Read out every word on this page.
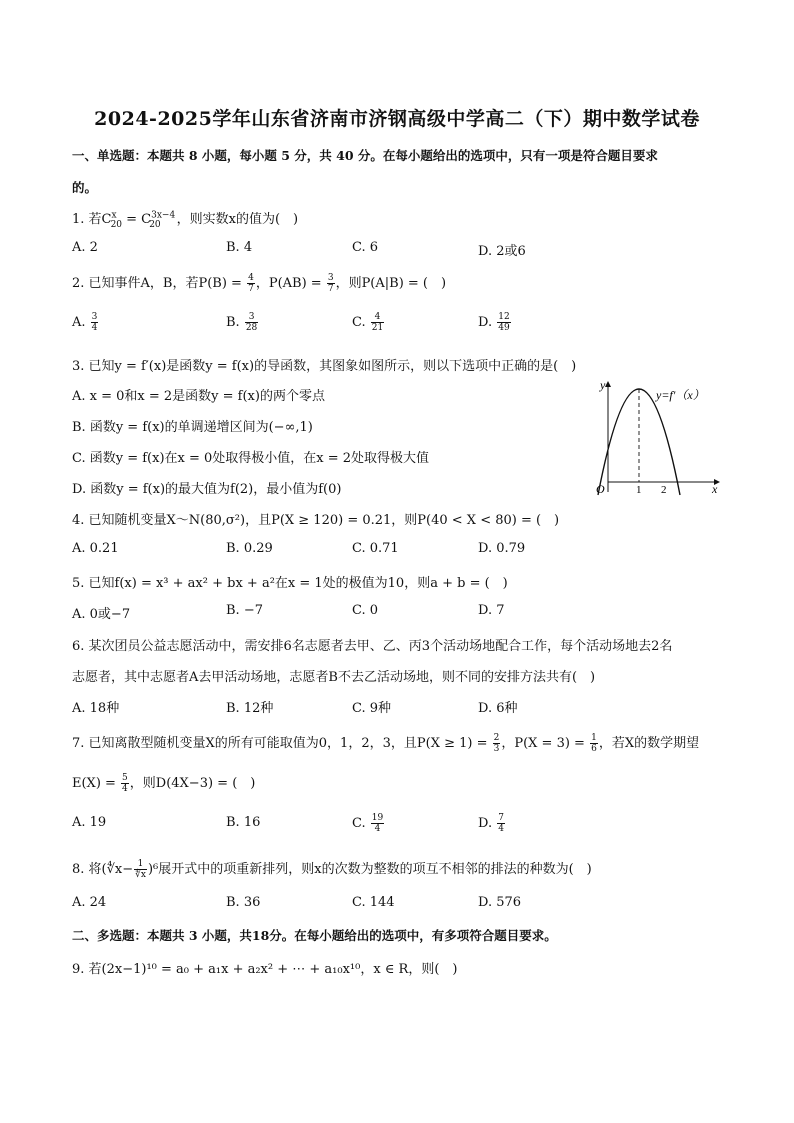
2024-2025学年山东省济南市济钢高级中学高二（下）期中数学试卷
一、单选题：本题共 8 小题，每小题 5 分，共 40 分。在每小题给出的选项中，只有一项是符合题目要求
的。
1. 若$C^x_{20} = C^{3x-4}_{20}$ ，则实数x的值为(　)
A. 2	B. 4	C. 6	D. 2或6
2. 已知事件A，B，若$P(B) = \frac{4}{7}$ ，$P(AB) = \frac{3}{7}$ ，则P(A|B) = (　)
A. $\frac{3}{4}$	B. $\frac{3}{28}$	C. $\frac{4}{21}$	D. $\frac{12}{49}$
3. 已知y = f′(x)是函数y = f(x)的导函数，其图象如图所示，则以下选项中正确的是(　)
A. x = 0和x = 2是函数y = f(x)的两个零点
B. 函数y = f(x)的单调递增区间为(−∞,1)
C. 函数y = f(x)在x = 0处取得极小值，在x = 2处取得极大值
D. 函数y = f(x)的最大值为f(2)，最小值为f(0)
y
x
O	1 2
y=f′（x）
4. 已知随机变量X～N(80,σ²)，且P(X ≥ 120) = 0.21，则P(40 < X < 80) = (　)
A. 0.21	B. 0.29	C. 0.71	D. 0.79
5. 已知f(x) = x³ + ax² + bx + a²在x = 1处的极值为10，则a + b = (　)
A. 0或−7	B. −7	C. 0	D. 7
6. 某次团员公益志愿活动中，需安排6名志愿者去甲、乙、丙3个活动场地配合工作，每个活动场地去2名
志愿者，其中志愿者A去甲活动场地，志愿者B不去乙活动场地，则不同的安排方法共有(　)
A. 18种	B. 12种	C. 9种	D. 6种
7. 已知离散型随机变量X的所有可能取值为0，1，2，3，且$P(X \ge 1) = \frac{2}{3}$ ，$P(X = 3) = \frac{1}{6}$ ，若X的数学期望
$E(X) = \frac{5}{4}$ ，则D(4X−3) = (　)
A. 19	B. 16	C. $\frac{19}{4}$	D. $\frac{7}{4}$
8. 将(∜x− $\frac{1}{∜x} )^6$展开式中的项重新排列，则x的次数为整数的项互不相邻的排法的种数为(　)
A. 24	B. 36	C. 144	D. 576
二、多选题：本题共 3 小题，共18分。在每小题给出的选项中，有多项符合题目要求。
9. 若(2x−1)¹⁰ = a₀ + a₁x + a₂x² + ⋯ + a₁₀x¹⁰，x ∈ R，则(　)
